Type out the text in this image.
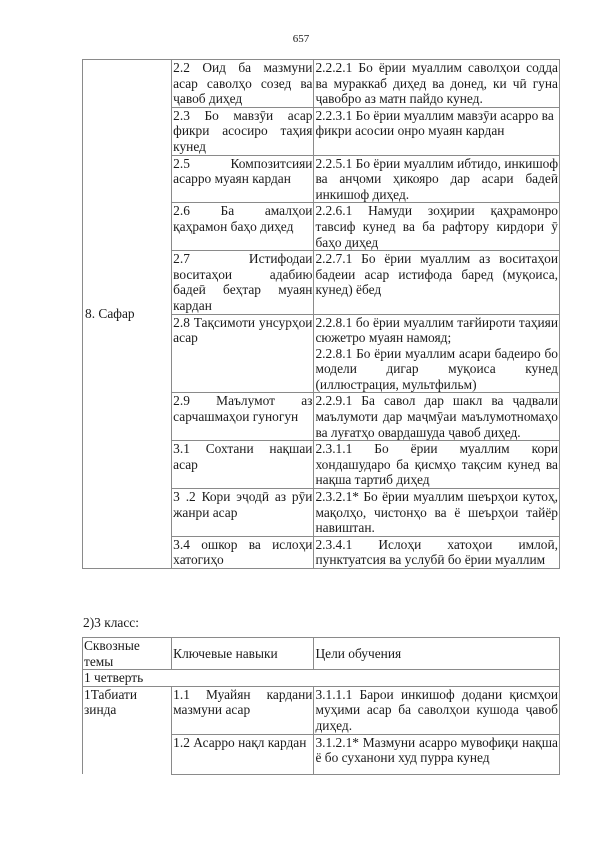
657
8. Сафар	2.2 Оид ба мазмуни асар саволҳо созед ва ҷавоб диҳед	2.2.2.1 Бо ёрии муаллим саволҳои содда ва мураккаб диҳед ва донед, ки чӣ гуна ҷавобро аз матн пайдо кунед.
	2.3 Бо мавзӯи асар фикри асосиро таҳия кунед	2.2.3.1 Бо ёрии муаллим мавзӯи асарро ва фикри асосии онро муаян кардан
	2.5 Композитсияи асарро муаян кардан	2.2.5.1 Бо ёрии муаллим ибтидо, инкишоф ва анҷоми ҳикояро дар асари бадеӣ инкишоф диҳед.
	2.6 Ба амалҳои қаҳрамон баҳо диҳед	2.2.6.1 Намуди зоҳирии қаҳрамонро тавсиф кунед ва ба рафтору кирдори ӯ баҳо диҳед
	2.7 Истифодаи воситаҳои адабию бадеӣ беҳтар муаян кардан	2.2.7.1 Бо ёрии муаллим аз воситаҳои бадеии асар истифода баред (муқоиса, кунед) ёбед
	2.8 Тақсимоти унсурҳои асар	2.2.8.1 бо ёрии муаллим тағйироти таҳияи сюжетро муаян намояд;
2.2.8.1 Бо ёрии муаллим асари бадеиро бо модели дигар муқоиса кунед (иллюстрация, мультфильм)

	2.9 Маълумот аз сарчашмаҳои гуногун	2.2.9.1 Ба савол дар шакл ва ҷадвали маълумоти дар маҷмӯаи маълумотномаҳо ва луғатҳо овардашуда ҷавоб диҳед.
	3.1 Сохтани нақшаи асар	2.3.1.1 Бо ёрии муаллим кори хондашударо ба қисмҳо тақсим кунед ва нақша тартиб диҳед
	3 .2 Кори эҷодӣ аз рӯи жанри асар	2.3.2.1* Бо ёрии муаллим шеърҳои кутоҳ, мақолҳо, чистонҳо ва ё шеърҳои тайёр навиштан.
	3.4 ошкор ва ислоҳи хатогиҳо	2.3.4.1 Ислоҳи хатоҳои имлоӣ, пунктуатсия ва услубӣ бо ёрии муаллим
2)3 класс:
Сквозные темы	Ключевые навыки	Цели обучения
1 четверть		
1Табиати зинда	1.1 Муайян кардани мазмуни асар	3.1.1.1 Барои инкишоф додани қисмҳои муҳими асар ба саволҳои кушода ҷавоб диҳед.
	1.2 Асарро нақл кардан	3.1.2.1* Мазмуни асарро мувофиқи нақша ё бо суханони худ пурра кунед
